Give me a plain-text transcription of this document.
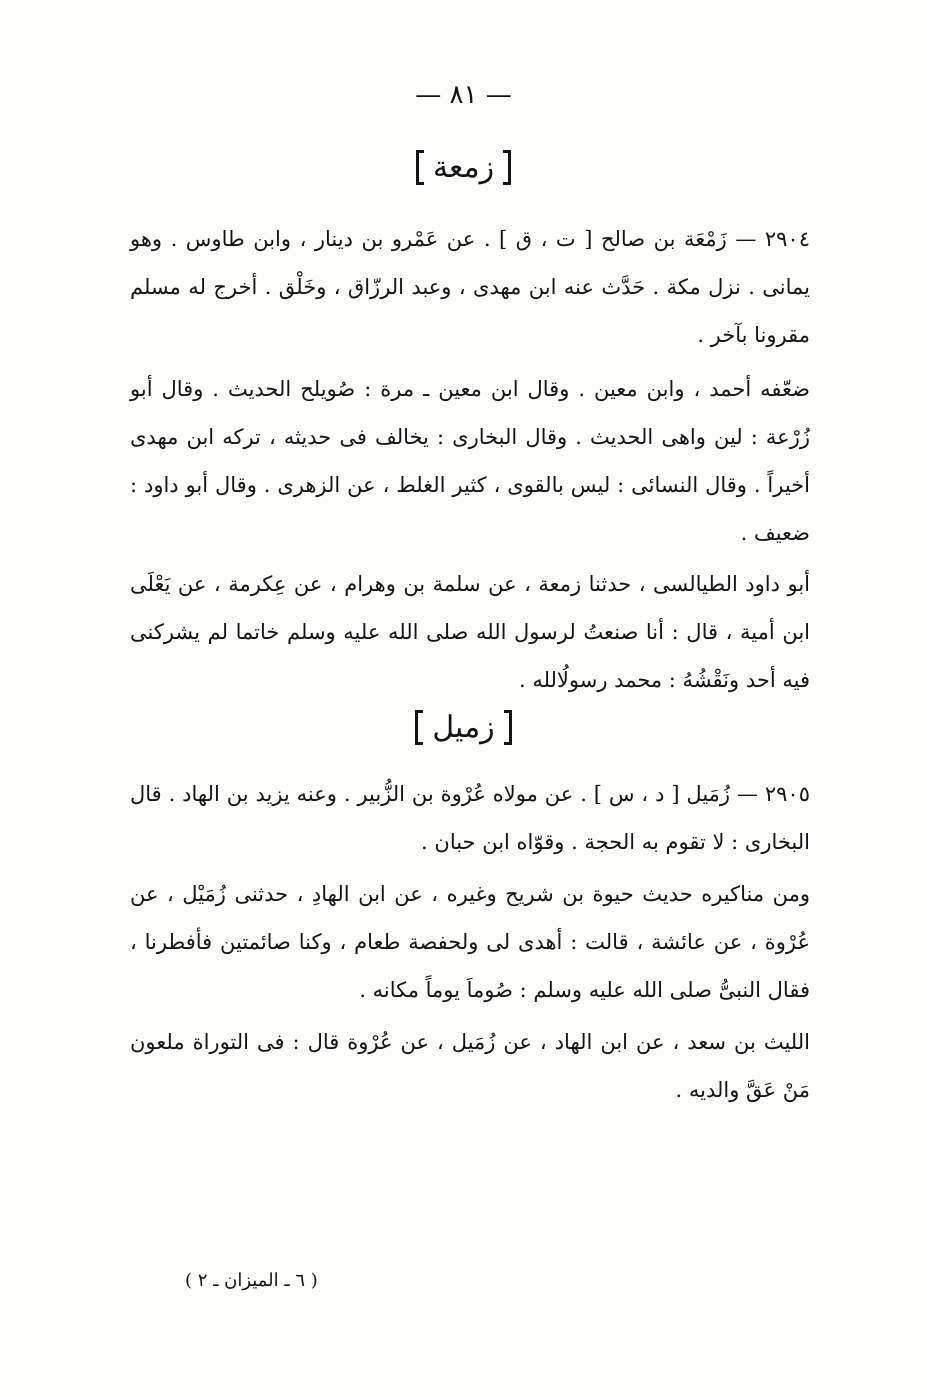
— ٨١ —
زمعة

٢٩٠٤ — زَمْعَة بن صالح [ ت ، ق ] . عن عَمْرو بن دينار ، وابن طاوس . وهو يمانى . نزل مكة . حَدَّث عنه ابن مهدى ، وعبد الرزّاق ، وخَلْق . أخرج له مسلم مقرونا بآخر .

ضعّفه أحمد ، وابن معين . وقال ابن معين ـ مرة : صُويلح الحديث . وقال أبو زُرْعة : لين واهى الحديث . وقال البخارى : يخالف فى حديثه ، تركه ابن مهدى أخيراً . وقال النسائى : ليس بالقوى ، كثير الغلط ، عن الزهرى . وقال أبو داود : ضعيف .

أبو داود الطيالسى ، حدثنا زمعة ، عن سلمة بن وهرام ، عن عِكرمة ، عن يَعْلَى ابن أمية ، قال : أنا صنعتُ لرسول الله صلى الله عليه وسلم خاتما لم يشركنى فيه أحد ونَقْشُهُ : محمد رسولُالله .

زميل

٢٩٠٥ — زُمَيل [ د ، س ] . عن مولاه عُرْوة بن الزُّبير . وعنه يزيد بن الهاد . قال البخارى : لا تقوم به الحجة . وقوّاه ابن حبان .

ومن مناكيره حديث حيوة بن شريح وغيره ، عن ابن الهادِ ، حدثنى زُمَيْل ، عن عُرْوة ، عن عائشة ، قالت : أهدى لى ولحفصة طعام ، وكنا صائمتين فأفطرنا ، فقال النبىُّ صلى الله عليه وسلم : صُوماَ يوماً مكانه .

الليث بن سعد ، عن ابن الهاد ، عن زُمَيل ، عن عُرْوة قال : فى التوراة ملعون مَنْ عَقَّ والديه .

( ٦ ـ الميزان ـ ٢ )
